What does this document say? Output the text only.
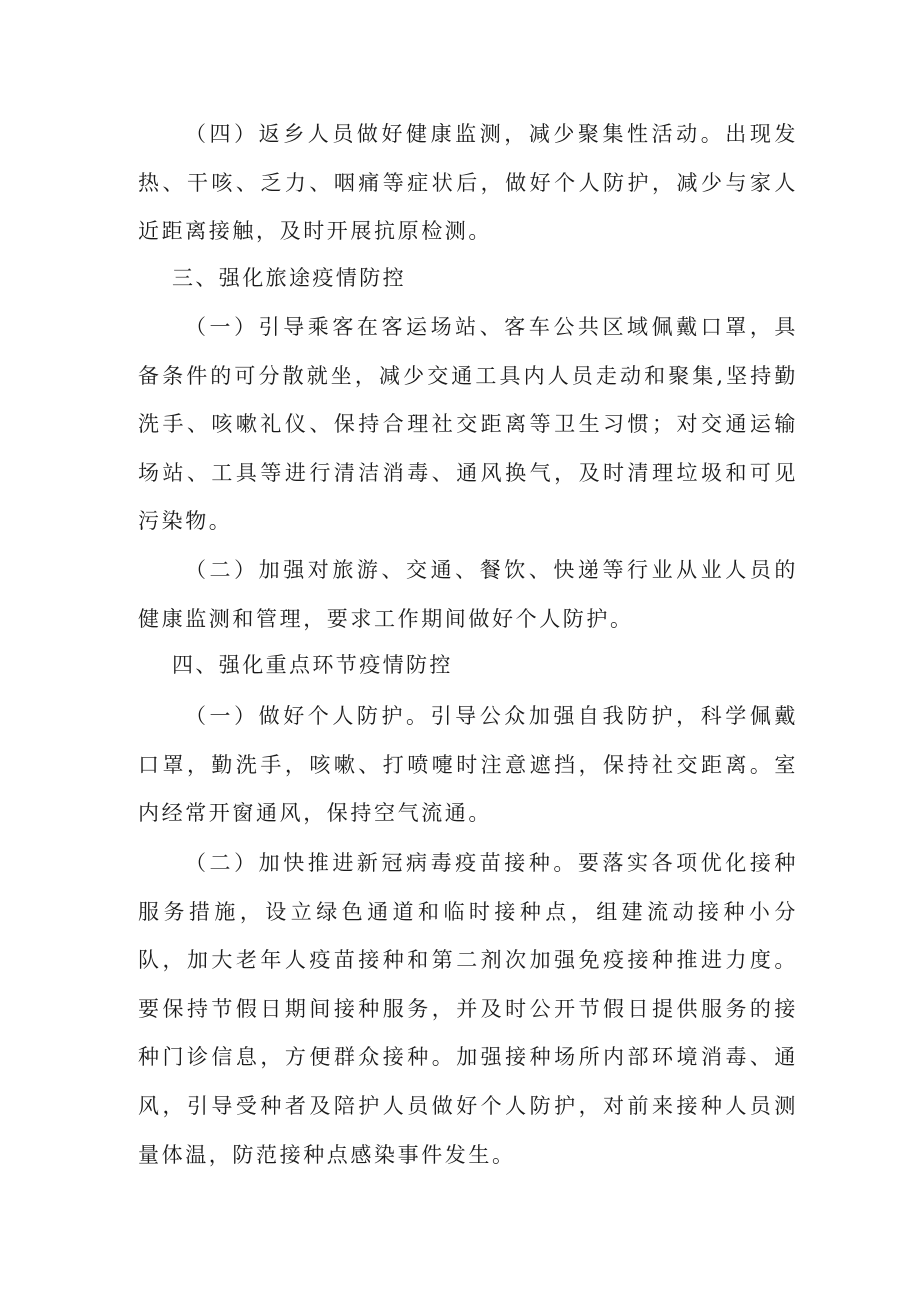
（四）返乡人员做好健康监测，减少聚集性活动。出现发热、干咳、乏力、咽痛等症状后，做好个人防护，减少与家人近距离接触，及时开展抗原检测。

三、强化旅途疫情防控

（一）引导乘客在客运场站、客车公共区域佩戴口罩，具备条件的可分散就坐，减少交通工具内人员走动和聚集,坚持勤洗手、咳嗽礼仪、保持合理社交距离等卫生习惯；对交通运输场站、工具等进行清洁消毒、通风换气，及时清理垃圾和可见污染物。

（二）加强对旅游、交通、餐饮、快递等行业从业人员的健康监测和管理，要求工作期间做好个人防护。

四、强化重点环节疫情防控

（一）做好个人防护。引导公众加强自我防护，科学佩戴口罩，勤洗手，咳嗽、打喷嚏时注意遮挡，保持社交距离。室内经常开窗通风，保持空气流通。

（二）加快推进新冠病毒疫苗接种。要落实各项优化接种服务措施，设立绿色通道和临时接种点，组建流动接种小分队，加大老年人疫苗接种和第二剂次加强免疫接种推进力度。要保持节假日期间接种服务，并及时公开节假日提供服务的接种门诊信息，方便群众接种。加强接种场所内部环境消毒、通风，引导受种者及陪护人员做好个人防护，对前来接种人员测量体温，防范接种点感染事件发生。
